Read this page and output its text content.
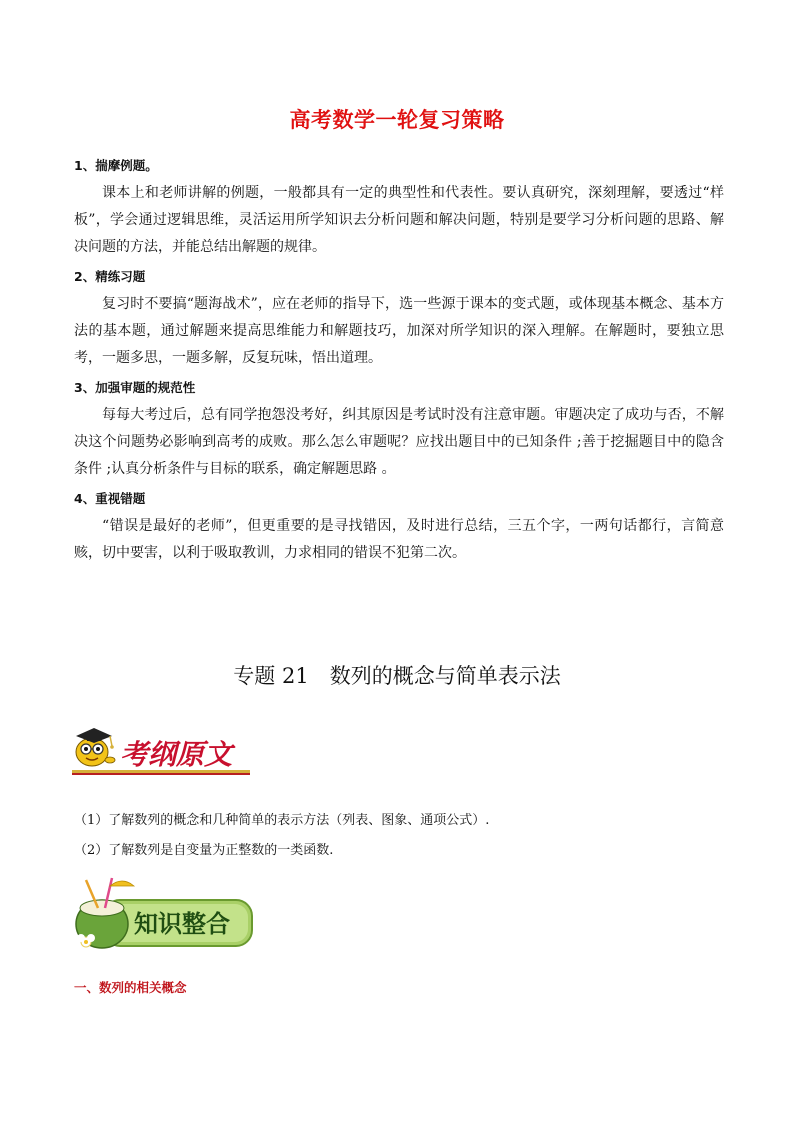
高考数学一轮复习策略
1、揣摩例题。

课本上和老师讲解的例题，一般都具有一定的典型性和代表性。要认真研究，深刻理解，要透过“样板”，学会通过逻辑思维，灵活运用所学知识去分析问题和解决问题，特别是要学习分析问题的思路、解决问题的方法，并能总结出解题的规律。

2、精练习题

复习时不要搞“题海战术”，应在老师的指导下，选一些源于课本的变式题，或体现基本概念、基本方法的基本题，通过解题来提高思维能力和解题技巧，加深对所学知识的深入理解。在解题时，要独立思考，一题多思，一题多解，反复玩味，悟出道理。

3、加强审题的规范性

每每大考过后，总有同学抱怨没考好，纠其原因是考试时没有注意审题。审题决定了成功与否，不解决这个问题势必影响到高考的成败。那么怎么审题呢？应找出题目中的已知条件 ;善于挖掘题目中的隐含条件 ;认真分析条件与目标的联系，确定解题思路 。

4、重视错题

“错误是最好的老师”，但更重要的是寻找错因，及时进行总结，三五个字，一两句话都行，言简意赅，切中要害，以利于吸取教训，力求相同的错误不犯第二次。

专题 21　数列的概念与简单表示法
考纲原文
（1）了解数列的概念和几种简单的表示方法（列表、图象、通项公式）.
（2）了解数列是自变量为正整数的一类函数.
知识整合
一、数列的相关概念
